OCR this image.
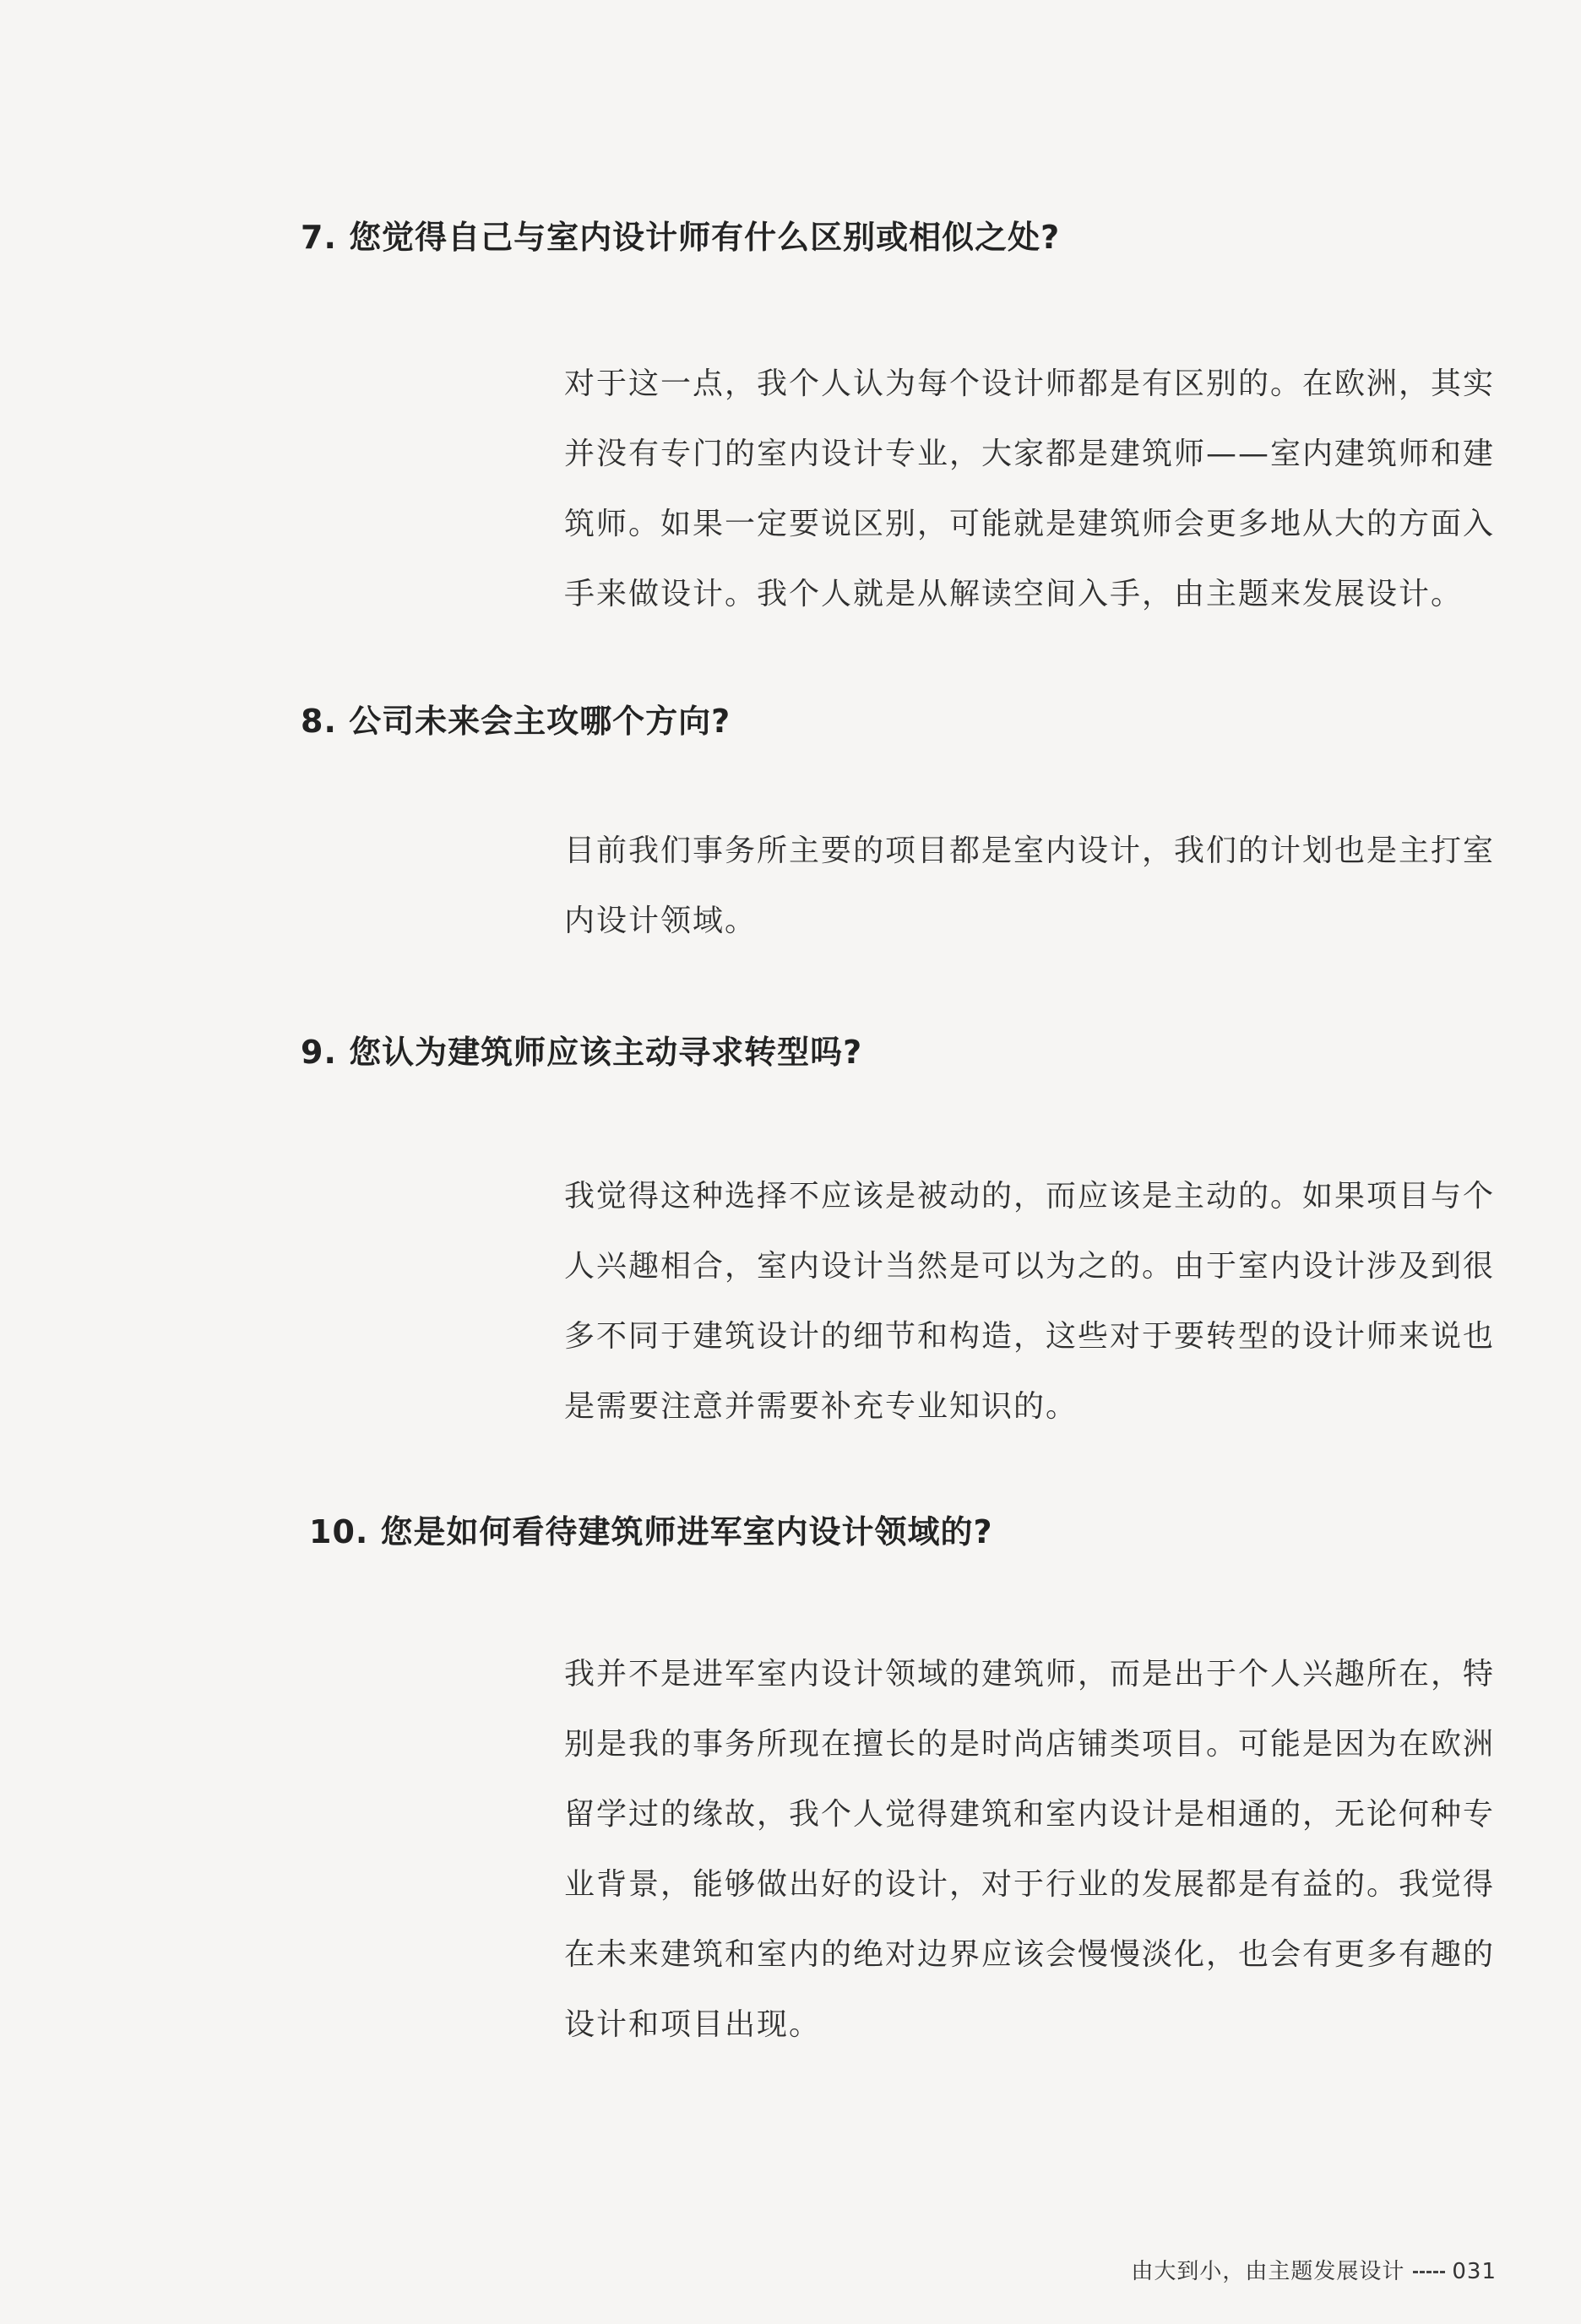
7. 您觉得自己与室内设计师有什么区别或相似之处?
对于这一点，我个人认为每个设计师都是有区别的。在欧洲，其实
并没有专门的室内设计专业，大家都是建筑师——室内建筑师和建
筑师。如果一定要说区别，可能就是建筑师会更多地从大的方面入
手来做设计。我个人就是从解读空间入手，由主题来发展设计。
8. 公司未来会主攻哪个方向?
目前我们事务所主要的项目都是室内设计，我们的计划也是主打室
内设计领域。
9. 您认为建筑师应该主动寻求转型吗?
我觉得这种选择不应该是被动的，而应该是主动的。如果项目与个
人兴趣相合，室内设计当然是可以为之的。由于室内设计涉及到很
多不同于建筑设计的细节和构造，这些对于要转型的设计师来说也
是需要注意并需要补充专业知识的。
10. 您是如何看待建筑师进军室内设计领域的?
我并不是进军室内设计领域的建筑师，而是出于个人兴趣所在，特
别是我的事务所现在擅长的是时尚店铺类项目。可能是因为在欧洲
留学过的缘故，我个人觉得建筑和室内设计是相通的，无论何种专
业背景，能够做出好的设计，对于行业的发展都是有益的。我觉得
在未来建筑和室内的绝对边界应该会慢慢淡化，也会有更多有趣的
设计和项目出现。
由大到小，由主题发展设计 031
